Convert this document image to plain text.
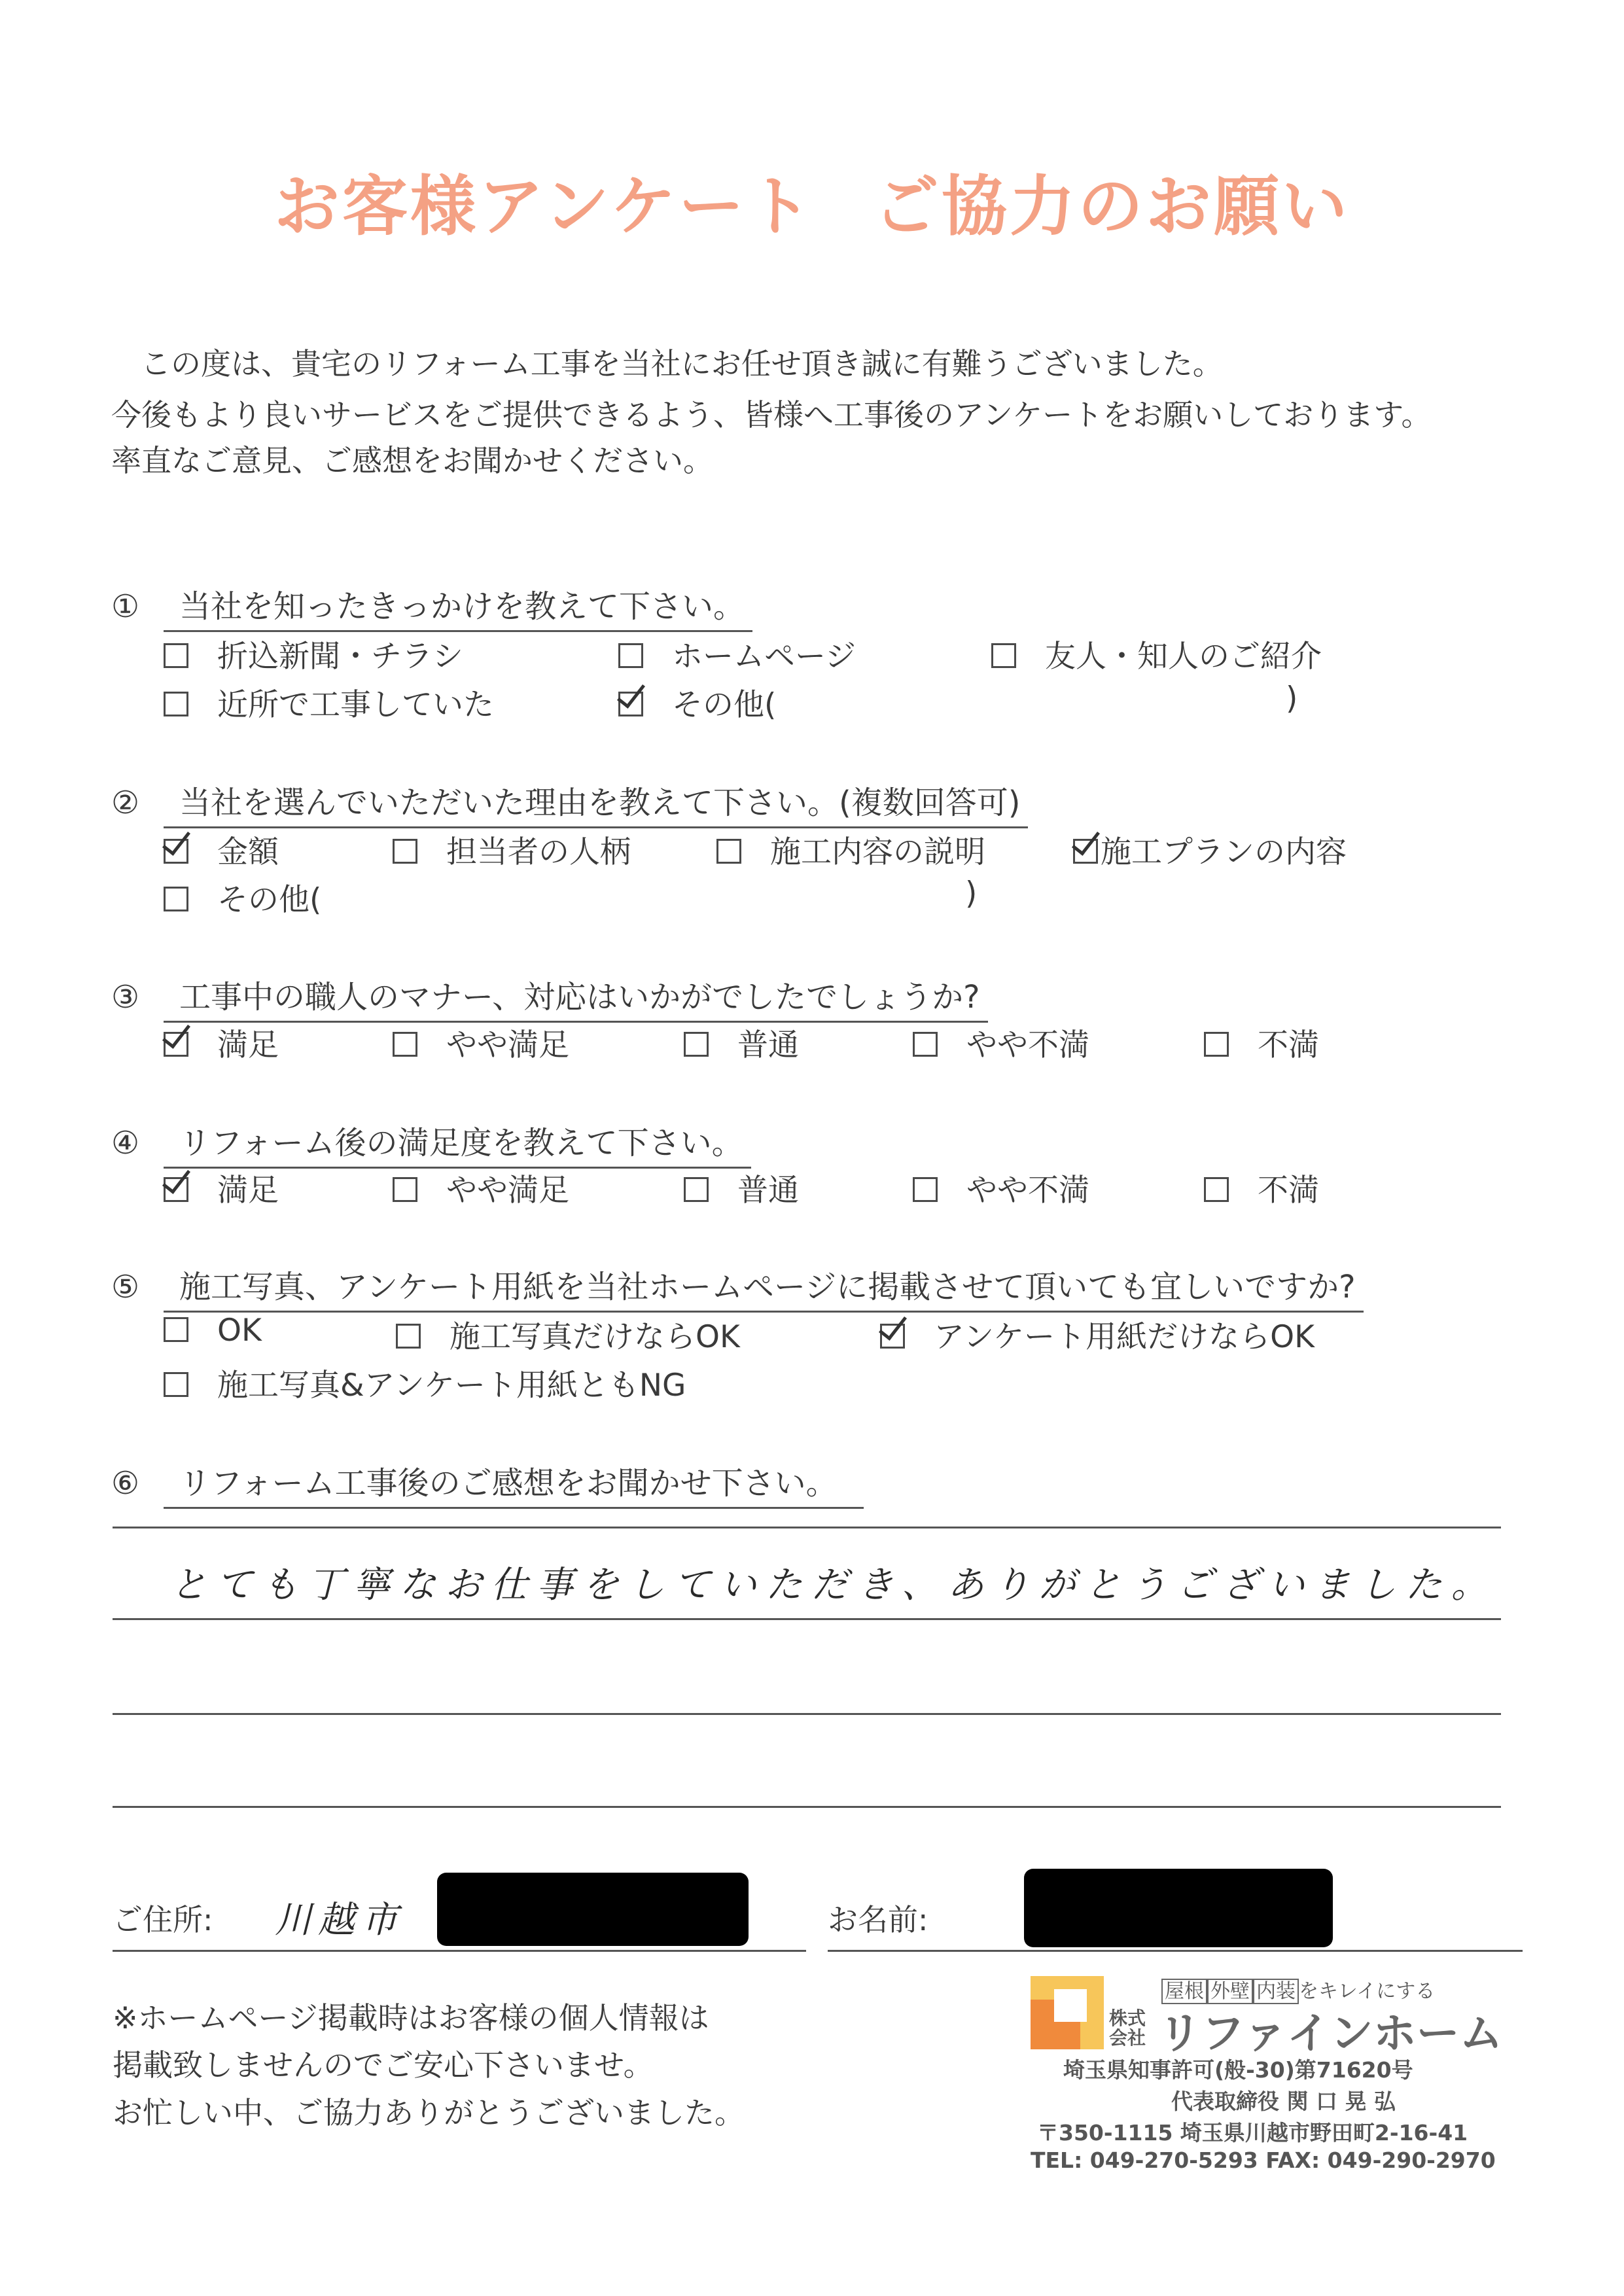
お客様アンケート ご協力のお願い
この度は、貴宅のリフォーム工事を当社にお任せ頂き誠に有難うございました。
今後もより良いサービスをご提供できるよう、皆様へ工事後のアンケートをお願いしております。
率直なご意見、ご感想をお聞かせください。
① 当社を知ったきっかけを教えて下さい。
折込新聞・チラシ	ホームページ	友人・知人のご紹介
近所で工事していた	その他(	)
② 当社を選んでいただいた理由を教えて下さい。(複数回答可)
金額	担当者の人柄	施工内容の説明	施工プランの内容
その他(	)
③ 工事中の職人のマナー、対応はいかがでしたでしょうか?
満足	やや満足	普通	やや不満	不満
④ リフォーム後の満足度を教えて下さい。
満足	やや満足	普通	やや不満	不満
⑤ 施工写真、アンケート用紙を当社ホームページに掲載させて頂いても宜しいですか?
OK	施工写真だけならOK	アンケート用紙だけならOK
施工写真&アンケート用紙ともNG
⑥ リフォーム工事後のご感想をお聞かせ下さい。
とても丁寧なお仕事をしていただき、ありがとうございました。
ご住所: 川越市	お名前:
※ホームページ掲載時はお客様の個人情報は
掲載致しませんのでご安心下さいませ。
お忙しい中、ご協力ありがとうございました。
屋根 外壁 内装 をキレイにする
株式会社 リファインホーム
埼玉県知事許可(般-30)第71620号
代表取締役 関 口 晃 弘
〒350-1115 埼玉県川越市野田町2-16-41
TEL: 049-270-5293 FAX: 049-290-2970
